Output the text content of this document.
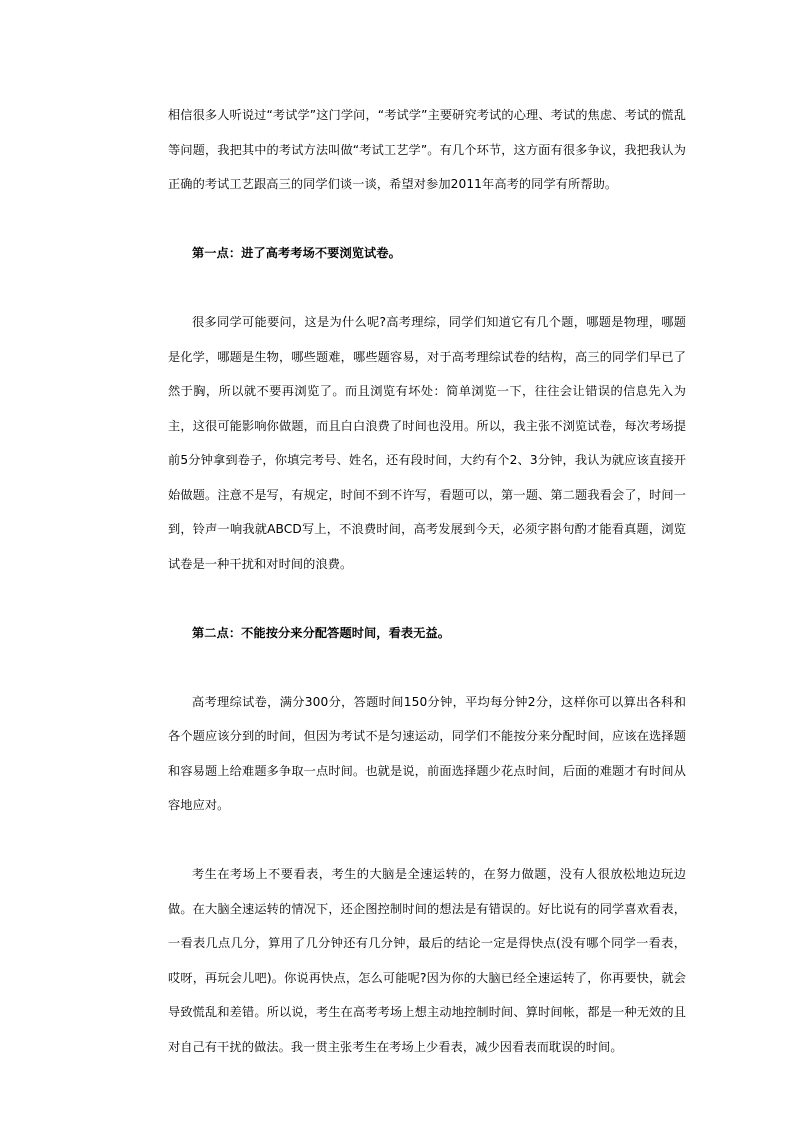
相信很多人听说过“考试学”这门学问，“考试学”主要研究考试的心理、考试的焦虑、考试的慌乱等问题，我把其中的考试方法叫做“考试工艺学”。有几个环节，这方面有很多争议，我把我认为正确的考试工艺跟高三的同学们谈一谈，希望对参加2011年高考的同学有所帮助。

第一点：进了高考考场不要浏览试卷。

很多同学可能要问，这是为什么呢?高考理综，同学们知道它有几个题，哪题是物理，哪题是化学，哪题是生物，哪些题难，哪些题容易，对于高考理综试卷的结构，高三的同学们早已了然于胸，所以就不要再浏览了。而且浏览有坏处：简单浏览一下，往往会让错误的信息先入为主，这很可能影响你做题，而且白白浪费了时间也没用。所以，我主张不浏览试卷，每次考场提前5分钟拿到卷子，你填完考号、姓名，还有段时间，大约有个2、3分钟，我认为就应该直接开始做题。注意不是写，有规定，时间不到不许写，看题可以，第一题、第二题我看会了，时间一到，铃声一响我就ABCD写上，不浪费时间，高考发展到今天，必须字斟句酌才能看真题，浏览试卷是一种干扰和对时间的浪费。

第二点：不能按分来分配答题时间，看表无益。

高考理综试卷，满分300分，答题时间150分钟，平均每分钟2分，这样你可以算出各科和各个题应该分到的时间，但因为考试不是匀速运动，同学们不能按分来分配时间，应该在选择题和容易题上给难题多争取一点时间。也就是说，前面选择题少花点时间，后面的难题才有时间从容地应对。

考生在考场上不要看表，考生的大脑是全速运转的，在努力做题，没有人很放松地边玩边做。在大脑全速运转的情况下，还企图控制时间的想法是有错误的。好比说有的同学喜欢看表，一看表几点几分，算用了几分钟还有几分钟，最后的结论一定是得快点(没有哪个同学一看表，哎呀，再玩会儿吧)。你说再快点，怎么可能呢?因为你的大脑已经全速运转了，你再要快，就会导致慌乱和差错。所以说，考生在高考考场上想主动地控制时间、算时间帐，都是一种无效的且对自己有干扰的做法。我一贯主张考生在考场上少看表，减少因看表而耽误的时间。
